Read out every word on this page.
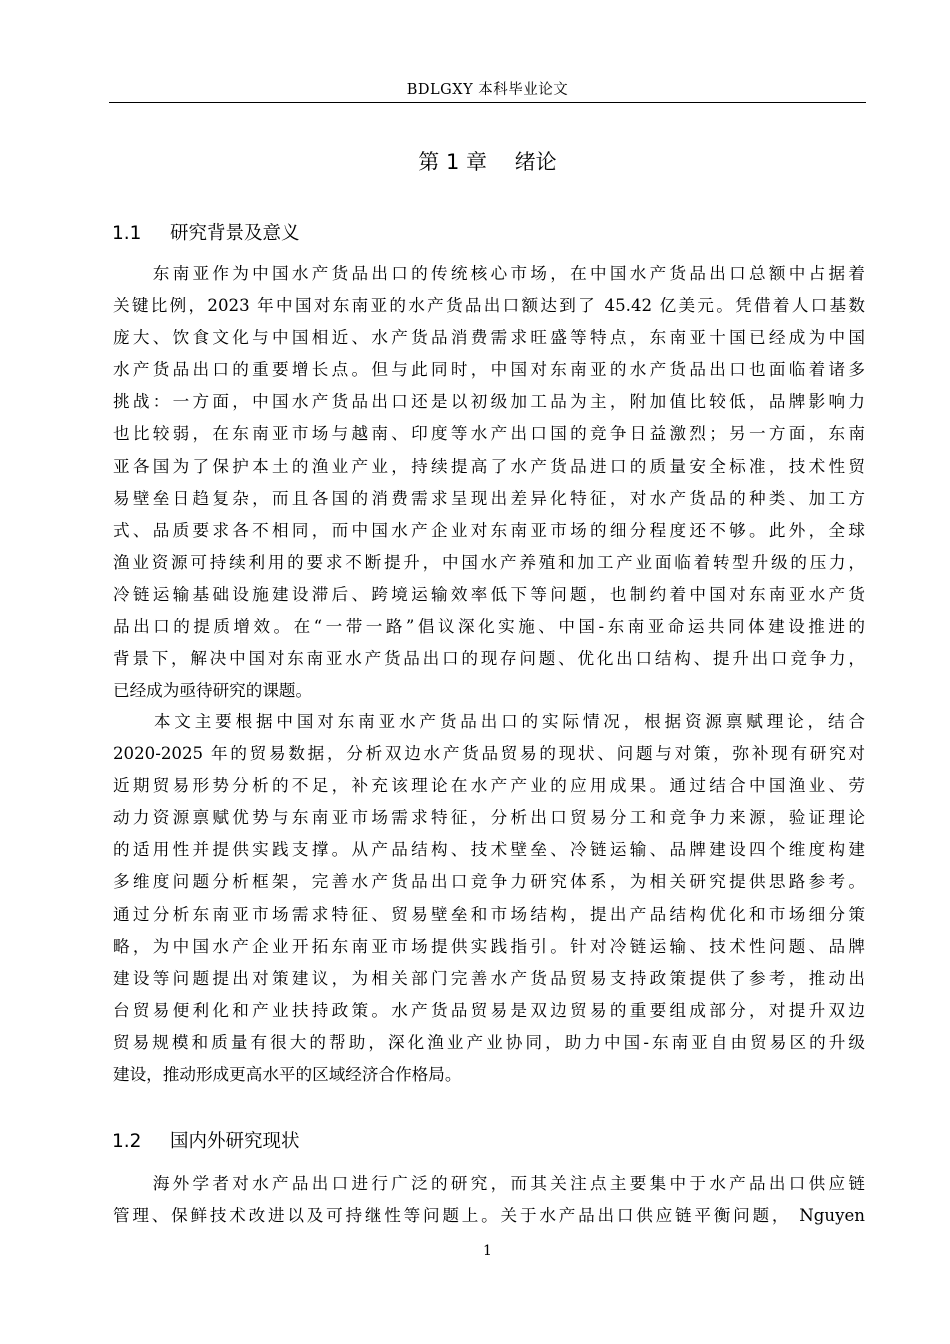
BDLGXY 本科毕业论文
第 1 章　 绪论
1.1 研究背景及意义
　　东南亚作为中国水产货品出口的传统核心市场，在中国水产货品出口总额中占据着
关键比例，2023 年中国对东南亚的水产货品出口额达到了 45.42 亿美元。凭借着人口基数
庞大、饮食文化与中国相近、水产货品消费需求旺盛等特点，东南亚十国已经成为中国
水产货品出口的重要增长点。但与此同时，中国对东南亚的水产货品出口也面临着诸多
挑战：一方面，中国水产货品出口还是以初级加工品为主，附加值比较低，品牌影响力
也比较弱，在东南亚市场与越南、印度等水产出口国的竞争日益激烈；另一方面，东南
亚各国为了保护本土的渔业产业，持续提高了水产货品进口的质量安全标准，技术性贸
易壁垒日趋复杂，而且各国的消费需求呈现出差异化特征，对水产货品的种类、加工方
式、品质要求各不相同，而中国水产企业对东南亚市场的细分程度还不够。此外，全球
渔业资源可持续利用的要求不断提升，中国水产养殖和加工产业面临着转型升级的压力，
冷链运输基础设施建设滞后、跨境运输效率低下等问题，也制约着中国对东南亚水产货
品出口的提质增效。在“一带一路”倡议深化实施、中国-东南亚命运共同体建设推进的
背景下，解决中国对东南亚水产货品出口的现存问题、优化出口结构、提升出口竞争力，
已经成为亟待研究的课题。
　　本文主要根据中国对东南亚水产货品出口的实际情况，根据资源禀赋理论，结合
2020-2025 年的贸易数据，分析双边水产货品贸易的现状、问题与对策，弥补现有研究对
近期贸易形势分析的不足，补充该理论在水产产业的应用成果。通过结合中国渔业、劳
动力资源禀赋优势与东南亚市场需求特征，分析出口贸易分工和竞争力来源，验证理论
的适用性并提供实践支撑。从产品结构、技术壁垒、冷链运输、品牌建设四个维度构建
多维度问题分析框架，完善水产货品出口竞争力研究体系，为相关研究提供思路参考。
通过分析东南亚市场需求特征、贸易壁垒和市场结构，提出产品结构优化和市场细分策
略，为中国水产企业开拓东南亚市场提供实践指引。针对冷链运输、技术性问题、品牌
建设等问题提出对策建议，为相关部门完善水产货品贸易支持政策提供了参考，推动出
台贸易便利化和产业扶持政策。水产货品贸易是双边贸易的重要组成部分，对提升双边
贸易规模和质量有很大的帮助，深化渔业产业协同，助力中国-东南亚自由贸易区的升级
建设，推动形成更高水平的区域经济合作格局。
1.2 国内外研究现状
　　海外学者对水产品出口进行广泛的研究，而其关注点主要集中于水产品出口供应链
管理、保鲜技术改进以及可持继性等问题上。关于水产品出口供应链平衡问题， Nguyen
1
